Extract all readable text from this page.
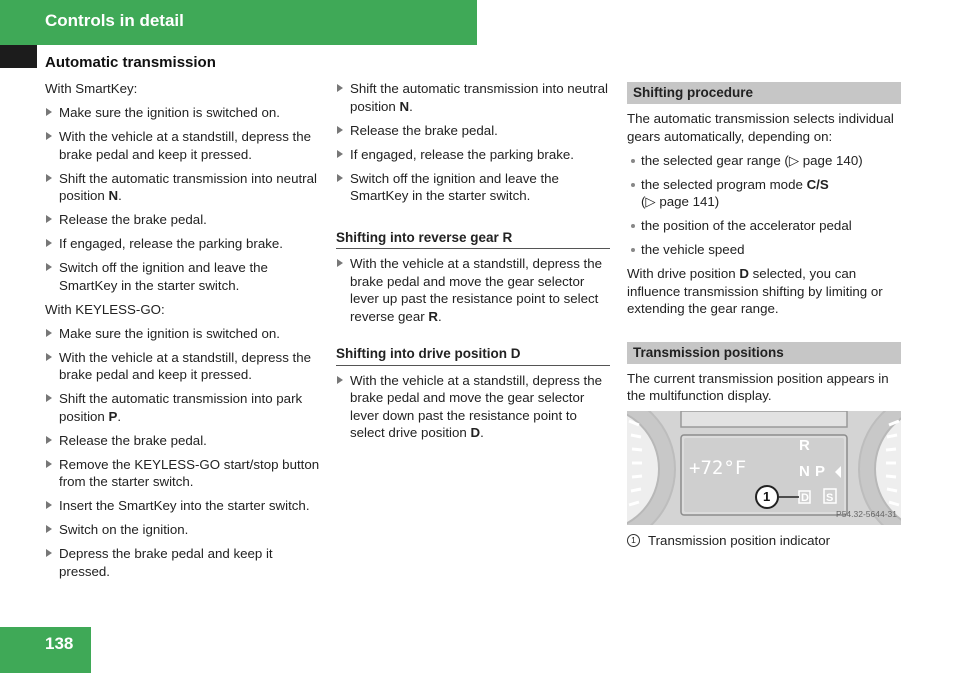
Controls in detail
Automatic transmission

With SmartKey:

Make sure the ignition is switched on.
With the vehicle at a standstill, depress the brake pedal and keep it pressed.
Shift the automatic transmission into neutral position N.
Release the brake pedal.
If engaged, release the parking brake.
Switch off the ignition and leave the SmartKey in the starter switch.

With KEYLESS-GO:

Make sure the ignition is switched on.
With the vehicle at a standstill, depress the brake pedal and keep it pressed.
Shift the automatic transmission into park position P.
Release the brake pedal.
Remove the KEYLESS-GO start/stop button from the starter switch.
Insert the SmartKey into the starter switch.
Switch on the ignition.
Depress the brake pedal and keep it pressed.
Shift the automatic transmission into neutral position N.
Release the brake pedal.
If engaged, release the parking brake.
Switch off the ignition and leave the SmartKey in the starter switch.
Shifting into reverse gear R
With the vehicle at a standstill, depress the brake pedal and move the gear selector lever up past the resistance point to select reverse gear R.
Shifting into drive position D
With the vehicle at a standstill, depress the brake pedal and move the gear selector lever down past the resistance point to select drive position D.
Shifting procedure

The automatic transmission selects individual gears automatically, depending on:

the selected gear range (▷ page 140)
the selected program mode C/S
(▷ page 141)
the position of the accelerator pedal
the vehicle speed

With drive position D selected, you can influence transmission shifting by limiting or extending the gear range.

Transmission positions

The current transmission position appears in the multifunction display.

+72°F
R
N P
D S
1
P54.32-5644-31
1 Transmission position indicator
138
